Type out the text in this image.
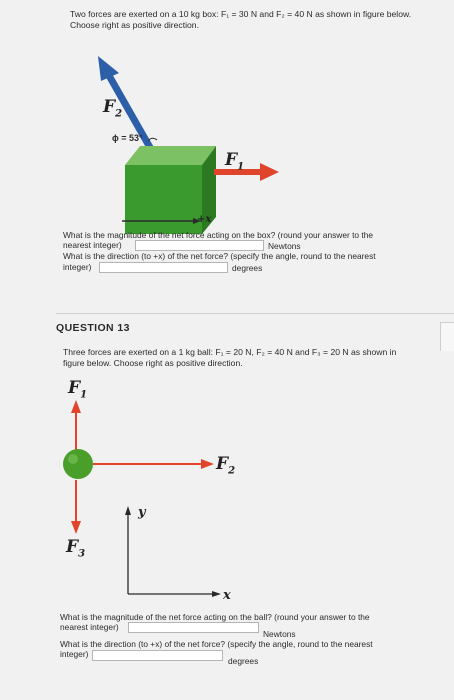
Two forces are exerted on a 10 kg box: F₁ = 30 N and F₂ = 40 N as shown in figure below.
Choose right as positive direction.
$F_2$
ϕ = 53°
$F_1$
+x
What is the magnitude of the net force acting on the box? (round your answer to the
nearest integer)	Newtons
What is the direction (to +x) of the net force? (specify the angle, round to the nearest
integer)	degrees
QUESTION 13
Three forces are exerted on a 1 kg ball: F₁ = 20 N, F₂ = 40 N and F₃ = 20 N as shown in
figure below. Choose right as positive direction.
$F_1$
$F_2$
$F_3$
y
x
What is the magnitude of the net force acting on the ball? (round your answer to the
nearest integer)
Newtons
What is the direction (to +x) of the net force? (specify the angle, round to the nearest
integer)
degrees
